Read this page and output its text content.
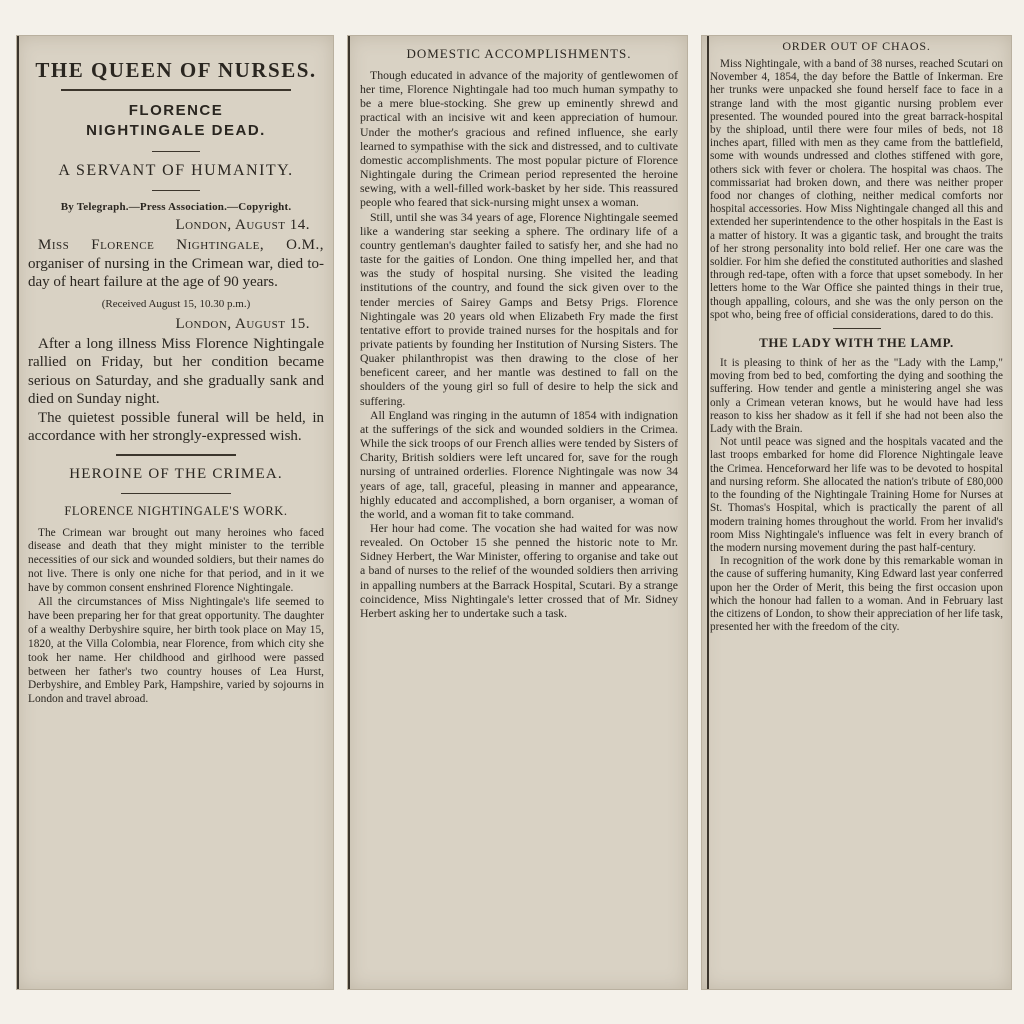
THE QUEEN OF NURSES.
FLORENCE NIGHTINGALE DEAD.
A SERVANT OF HUMANITY.
By Telegraph.—Press Association.—Copyright.
London, August 14.

Miss Florence Nightingale, O.M., organiser of nursing in the Crimean war, died to-day of heart failure at the age of 90 years.

(Received August 15, 10.30 p.m.)
London, August 15.

After a long illness Miss Florence Nightingale rallied on Friday, but her condition became serious on Saturday, and she gradually sank and died on Sunday night.

The quietest possible funeral will be held, in accordance with her strongly-expressed wish.

HEROINE OF THE CRIMEA.
FLORENCE NIGHTINGALE'S WORK.

The Crimean war brought out many heroines who faced disease and death that they might minister to the terrible necessities of our sick and wounded soldiers, but their names do not live. There is only one niche for that period, and in it we have by common consent enshrined Florence Nightingale.

All the circumstances of Miss Nightingale's life seemed to have been preparing her for that great opportunity. The daughter of a wealthy Derbyshire squire, her birth took place on May 15, 1820, at the Villa Colombia, near Florence, from which city she took her name. Her childhood and girlhood were passed between her father's two country houses of Lea Hurst, Derbyshire, and Embley Park, Hampshire, varied by sojourns in London and travel abroad.

DOMESTIC ACCOMPLISHMENTS.

Though educated in advance of the majority of gentlewomen of her time, Florence Nightingale had too much human sympathy to be a mere blue-stocking. She grew up eminently shrewd and practical with an incisive wit and keen appreciation of humour. Under the mother's gracious and refined influence, she early learned to sympathise with the sick and distressed, and to cultivate domestic accomplishments. The most popular picture of Florence Nightingale during the Crimean period represented the heroine sewing, with a well-filled work-basket by her side. This reassured people who feared that sick-nursing might unsex a woman.

Still, until she was 34 years of age, Florence Nightingale seemed like a wandering star seeking a sphere. The ordinary life of a country gentleman's daughter failed to satisfy her, and she had no taste for the gaities of London. One thing impelled her, and that was the study of hospital nursing. She visited the leading institutions of the country, and found the sick given over to the tender mercies of Sairey Gamps and Betsy Prigs. Florence Nightingale was 20 years old when Elizabeth Fry made the first tentative effort to provide trained nurses for the hospitals and for private patients by founding her Institution of Nursing Sisters. The Quaker philanthropist was then drawing to the close of her beneficent career, and her mantle was destined to fall on the shoulders of the young girl so full of desire to help the sick and suffering.

All England was ringing in the autumn of 1854 with indignation at the sufferings of the sick and wounded soldiers in the Crimea. While the sick troops of our French allies were tended by Sisters of Charity, British soldiers were left uncared for, save for the rough nursing of untrained orderlies. Florence Nightingale was now 34 years of age, tall, graceful, pleasing in manner and appearance, highly educated and accomplished, a born organiser, a woman of the world, and a woman fit to take command.

Her hour had come. The vocation she had waited for was now revealed. On October 15 she penned the historic note to Mr. Sidney Herbert, the War Minister, offering to organise and take out a band of nurses to the relief of the wounded soldiers then arriving in appalling numbers at the Barrack Hospital, Scutari. By a strange coincidence, Miss Nightingale's letter crossed that of Mr. Sidney Herbert asking her to undertake such a task.

ORDER OUT OF CHAOS.

Miss Nightingale, with a band of 38 nurses, reached Scutari on November 4, 1854, the day before the Battle of Inkerman. Ere her trunks were unpacked she found herself face to face in a strange land with the most gigantic nursing problem ever presented. The wounded poured into the great barrack-hospital by the shipload, until there were four miles of beds, not 18 inches apart, filled with men as they came from the battlefield, some with wounds undressed and clothes stiffened with gore, others sick with fever or cholera. The hospital was chaos. The commissariat had broken down, and there was neither proper food nor changes of clothing, neither medical comforts nor hospital accessories. How Miss Nightingale changed all this and extended her superintendence to the other hospitals in the East is a matter of history. It was a gigantic task, and brought the traits of her strong personality into bold relief. Her one care was the soldier. For him she defied the constituted authorities and slashed through red-tape, often with a force that upset somebody. In her letters home to the War Office she painted things in their true, though appalling, colours, and she was the only person on the spot who, being free of official considerations, dared to do this.

THE LADY WITH THE LAMP.

It is pleasing to think of her as the "Lady with the Lamp," moving from bed to bed, comforting the dying and soothing the suffering. How tender and gentle a ministering angel she was only a Crimean veteran knows, but he would have had less reason to kiss her shadow as it fell if she had not been also the Lady with the Brain.

Not until peace was signed and the hospitals vacated and the last troops embarked for home did Florence Nightingale leave the Crimea. Henceforward her life was to be devoted to hospital and nursing reform. She allocated the nation's tribute of £80,000 to the founding of the Nightingale Training Home for Nurses at St. Thomas's Hospital, which is practically the parent of all modern training homes throughout the world. From her invalid's room Miss Nightingale's influence was felt in every branch of the modern nursing movement during the past half-century.

In recognition of the work done by this remarkable woman in the cause of suffering humanity, King Edward last year conferred upon her the Order of Merit, this being the first occasion upon which the honour had fallen to a woman. And in February last the citizens of London, to show their appreciation of her life task, presented her with the freedom of the city.
